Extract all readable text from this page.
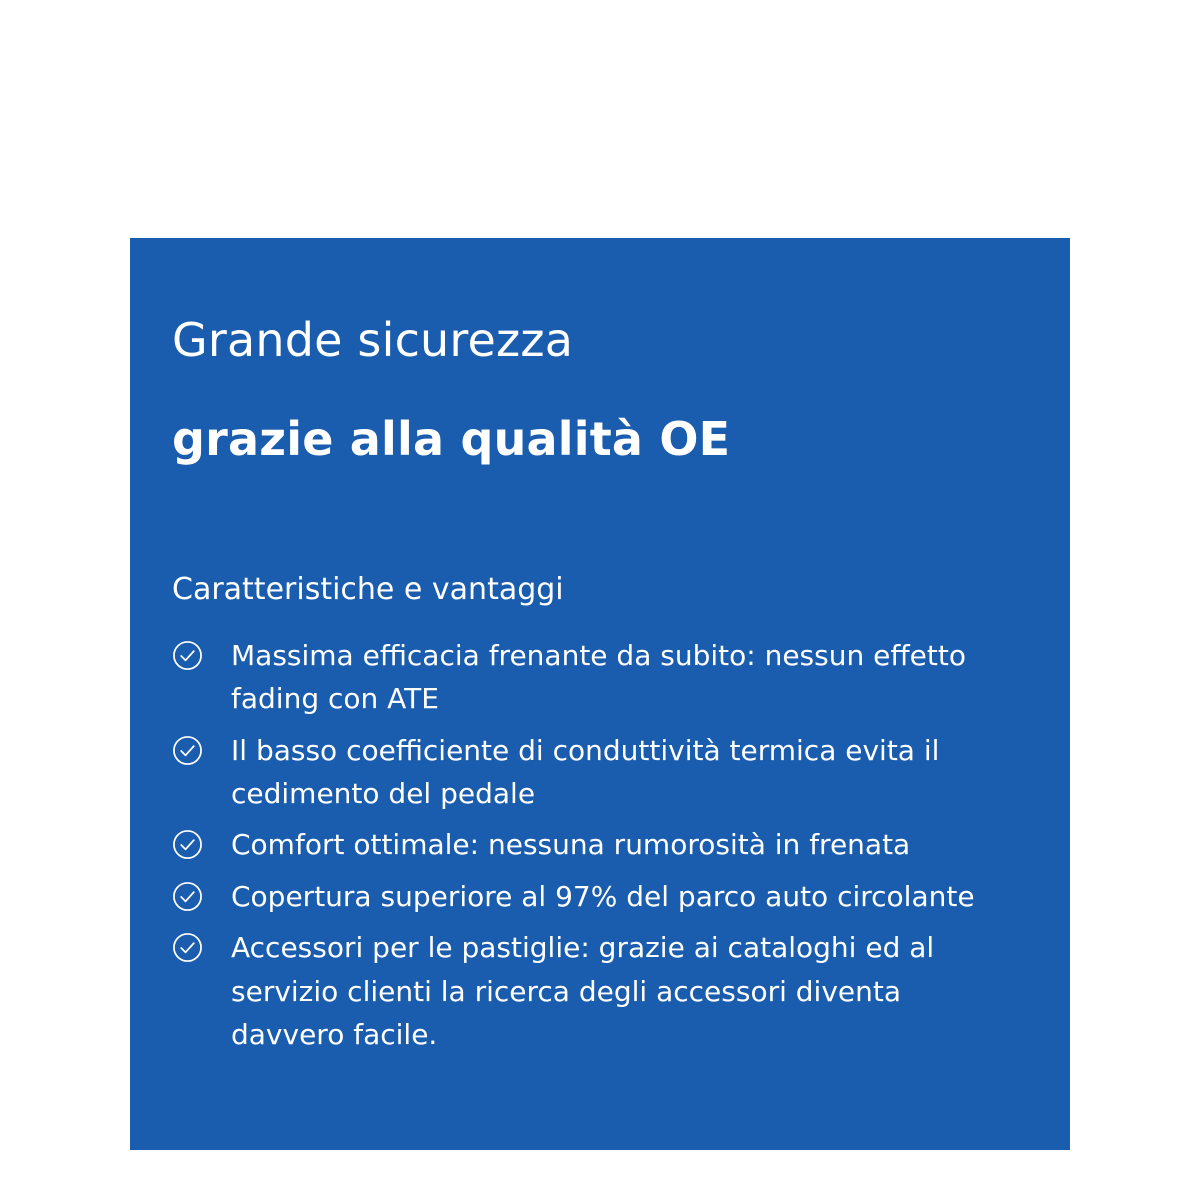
Grande sicurezza
grazie alla qualità OE
Caratteristiche e vantaggi
Massima efficacia frenante da subito: nessun effetto fading con ATE
Il basso coefficiente di conduttività termica evita il cedimento del pedale
Comfort ottimale: nessuna rumorosità in frenata
Copertura superiore al 97% del parco auto circolante
Accessori per le pastiglie: grazie ai cataloghi ed al servizio clienti la ricerca degli accessori diventa davvero facile.
